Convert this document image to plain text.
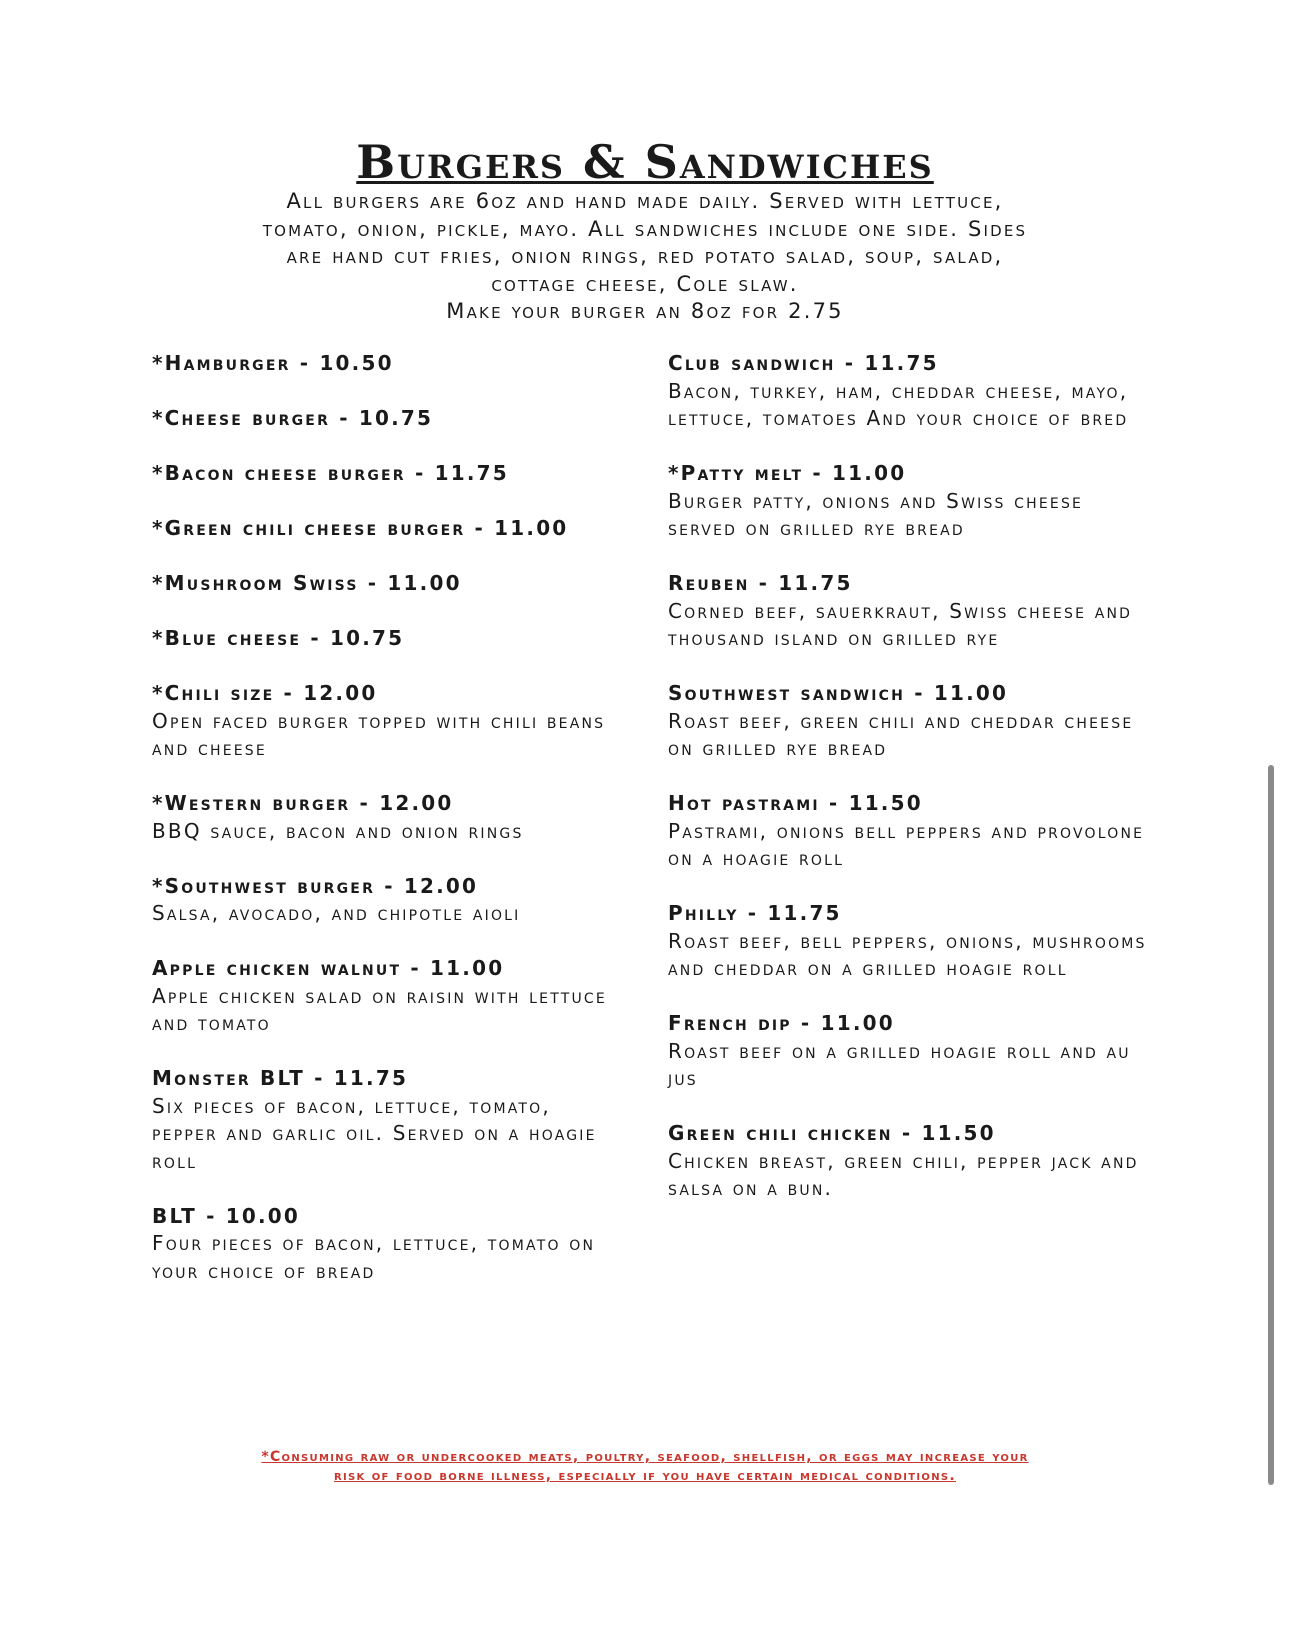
Burgers & Sandwiches
All burgers are 6oz and hand made daily. Served with lettuce,
tomato, onion, pickle, mayo. All sandwiches include one side. Sides
are hand cut fries, onion rings, red potato salad, soup, salad,
cottage cheese, Cole slaw.
Make your burger an 8oz for 2.75
*Hamburger - 10.50
*Cheese burger - 10.75
*Bacon cheese burger - 11.75
*Green chili cheese burger - 11.00
*Mushroom Swiss - 11.00
*Blue cheese - 10.75
*Chili size - 12.00
Open faced burger topped with chili beans and cheese
*Western burger - 12.00
BBQ sauce, bacon and onion rings
*Southwest burger - 12.00
Salsa, avocado, and chipotle aioli
Apple chicken walnut - 11.00
Apple chicken salad on raisin with lettuce and tomato
Monster BLT - 11.75
Six pieces of bacon, lettuce, tomato, pepper and garlic oil. Served on a hoagie roll
BLT - 10.00
Four pieces of bacon, lettuce, tomato on your choice of bread
Club sandwich - 11.75
Bacon, turkey, ham, cheddar cheese, mayo, lettuce, tomatoes And your choice of bred
*Patty melt - 11.00
Burger patty, onions and Swiss cheese served on grilled rye bread
Reuben - 11.75
Corned beef, sauerkraut, Swiss cheese and thousand island on grilled rye
Southwest sandwich - 11.00
Roast beef, green chili and cheddar cheese on grilled rye bread
Hot pastrami - 11.50
Pastrami, onions bell peppers and provolone on a hoagie roll
Philly - 11.75
Roast beef, bell peppers, onions, mushrooms and cheddar on a grilled hoagie roll
French dip - 11.00
Roast beef on a grilled hoagie roll and au jus
Green chili chicken - 11.50
Chicken breast, green chili, pepper jack and salsa on a bun.
*Consuming raw or undercooked meats, poultry, seafood, shellfish, or eggs may increase your
risk of food borne illness, especially if you have certain medical conditions.
